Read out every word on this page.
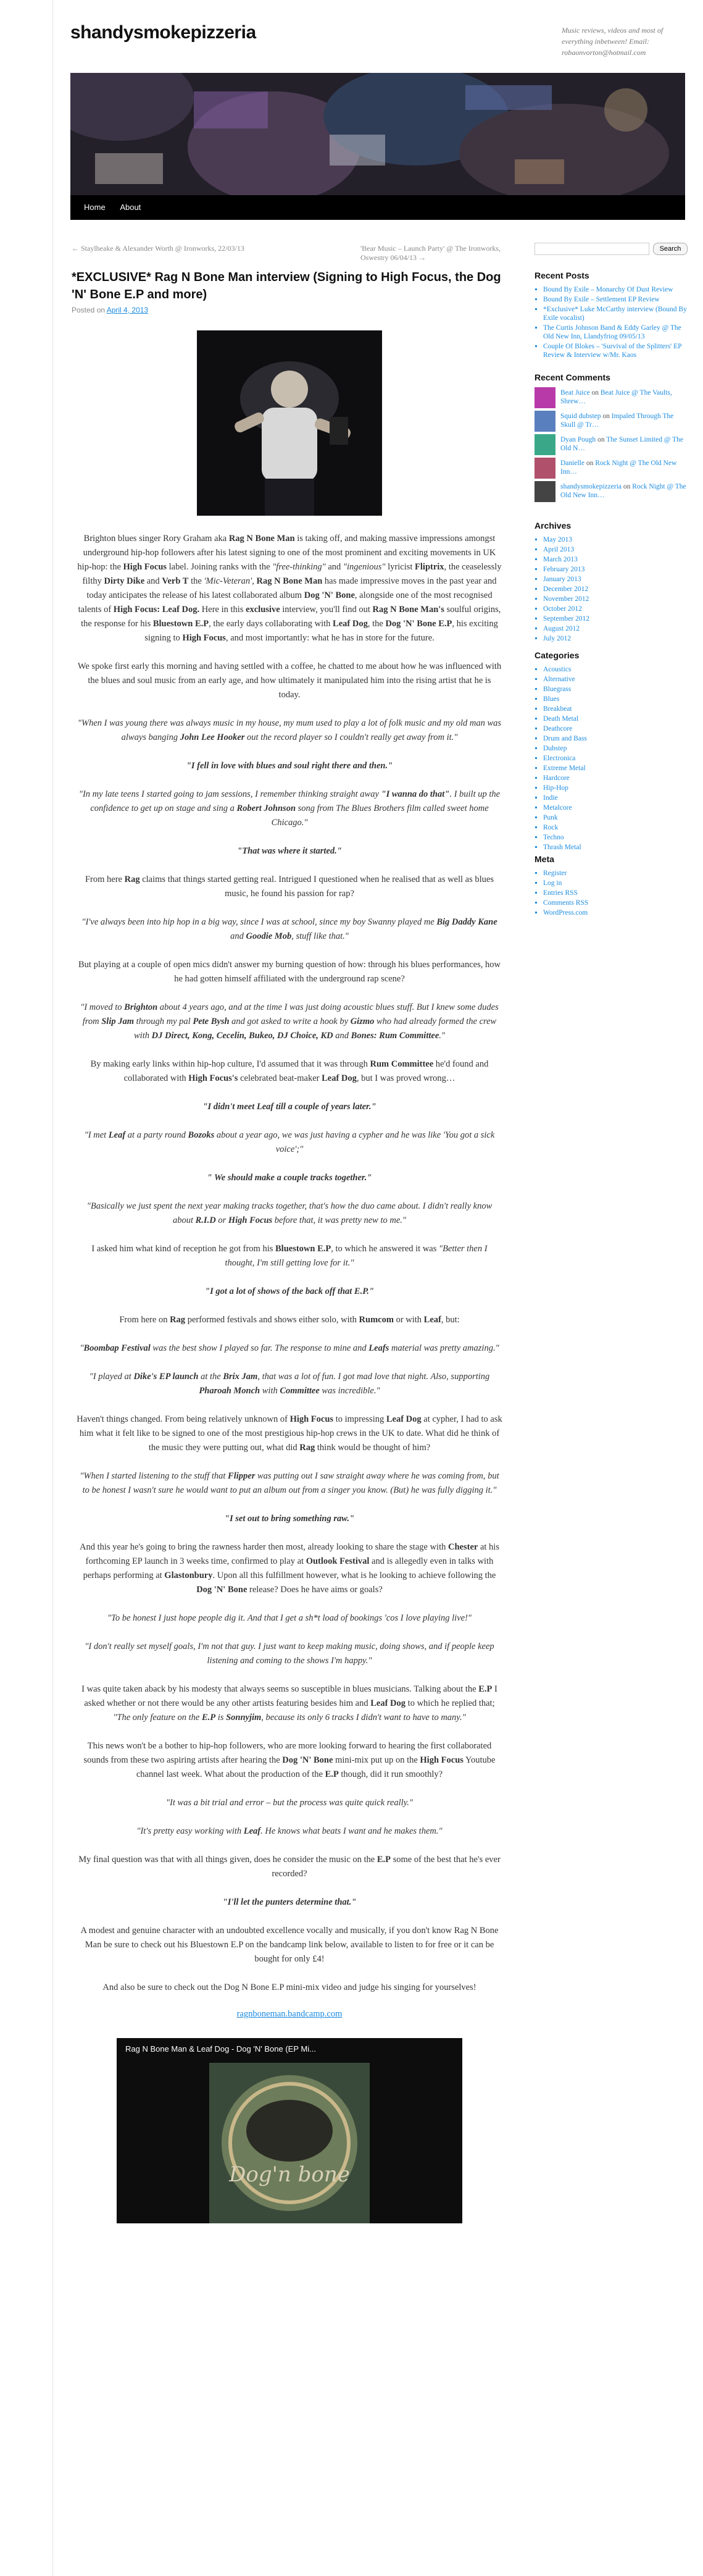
shandysmokepizzeria	Music reviews, videos and most of everything inbetween! Email: robaonvorton@hotmail.com
Home About
← Staylheake & Alexander Worth @ Ironworks, 22/03/13	'Bear Music – Launch Party' @ The Ironworks, Oswestry 06/04/13 →
*EXCLUSIVE* Rag N Bone Man interview (Signing to High Focus, the Dog 'N' Bone E.P and more)
Posted on April 4, 2013

Brighton blues singer Rory Graham aka Rag N Bone Man is taking off, and making massive impressions amongst underground hip-hop followers after his latest signing to one of the most prominent and exciting movements in UK hip-hop: the High Focus label. Joining ranks with the "free-thinking" and "ingenious" lyricist Fliptrix, the ceaselessly filthy Dirty Dike and Verb T the 'Mic-Veteran', Rag N Bone Man has made impressive moves in the past year and today anticipates the release of his latest collaborated album Dog 'N' Bone, alongside one of the most recognised talents of High Focus: Leaf Dog. Here in this exclusive interview, you'll find out Rag N Bone Man's soulful origins, the response for his Bluestown E.P, the early days collaborating with Leaf Dog, the Dog 'N' Bone E.P, his exciting signing to High Focus, and most importantly: what he has in store for the future.

We spoke first early this morning and having settled with a coffee, he chatted to me about how he was influenced with the blues and soul music from an early age, and how ultimately it manipulated him into the rising artist that he is today.

"When I was young there was always music in my house, my mum used to play a lot of folk music and my old man was always banging John Lee Hooker out the record player so I couldn't really get away from it."

"I fell in love with blues and soul right there and then."

"In my late teens I started going to jam sessions, I remember thinking straight away "I wanna do that". I built up the confidence to get up on stage and sing a Robert Johnson song from The Blues Brothers film called sweet home Chicago."

"That was where it started."

From here Rag claims that things started getting real. Intrigued I questioned when he realised that as well as blues music, he found his passion for rap?

"I've always been into hip hop in a big way, since I was at school, since my boy Swanny played me Big Daddy Kane and Goodie Mob, stuff like that."

But playing at a couple of open mics didn't answer my burning question of how: through his blues performances, how he had gotten himself affiliated with the underground rap scene?

"I moved to Brighton about 4 years ago, and at the time I was just doing acoustic blues stuff. But I knew some dudes from Slip Jam through my pal Pete Bysh and got asked to write a hook by Gizmo who had already formed the crew with DJ Direct, Kong, Cecelin, Bukeo, DJ Choice, KD and Bones: Rum Committee."

By making early links within hip-hop culture, I'd assumed that it was through Rum Committee he'd found and collaborated with High Focus's celebrated beat-maker Leaf Dog, but I was proved wrong…

"I didn't meet Leaf till a couple of years later."

"I met Leaf at a party round Bozoks about a year ago, we was just having a cypher and he was like 'You got a sick voice';"

" We should make a couple tracks together."

"Basically we just spent the next year making tracks together, that's how the duo came about. I didn't really know about R.I.D or High Focus before that, it was pretty new to me."

I asked him what kind of reception he got from his Bluestown E.P, to which he answered it was "Better then I thought, I'm still getting love for it."

"I got a lot of shows of the back off that E.P."

From here on Rag performed festivals and shows either solo, with Rumcom or with Leaf, but:

"Boombap Festival was the best show I played so far. The response to mine and Leafs material was pretty amazing."

"I played at Dike's EP launch at the Brix Jam, that was a lot of fun. I got mad love that night. Also, supporting Pharoah Monch with Committee was incredible."

Haven't things changed. From being relatively unknown of High Focus to impressing Leaf Dog at cypher, I had to ask him what it felt like to be signed to one of the most prestigious hip-hop crews in the UK to date. What did he think of the music they were putting out, what did Rag think would be thought of him?

"When I started listening to the stuff that Flipper was putting out I saw straight away where he was coming from, but to be honest I wasn't sure he would want to put an album out from a singer you know. (But) he was fully digging it."

"I set out to bring something raw."

And this year he's going to bring the rawness harder then most, already looking to share the stage with Chester at his forthcoming EP launch in 3 weeks time, confirmed to play at Outlook Festival and is allegedly even in talks with perhaps performing at Glastonbury. Upon all this fulfillment however, what is he looking to achieve following the Dog 'N' Bone release? Does he have aims or goals?

"To be honest I just hope people dig it. And that I get a sh*t load of bookings 'cos I love playing live!"

"I don't really set myself goals, I'm not that guy. I just want to keep making music, doing shows, and if people keep listening and coming to the shows I'm happy."

I was quite taken aback by his modesty that always seems so susceptible in blues musicians. Talking about the E.P I asked whether or not there would be any other artists featuring besides him and Leaf Dog to which he replied that; "The only feature on the E.P is Sonnyjim, because its only 6 tracks I didn't want to have to many."

This news won't be a bother to hip-hop followers, who are more looking forward to hearing the first collaborated sounds from these two aspiring artists after hearing the Dog 'N' Bone mini-mix put up on the High Focus Youtube channel last week. What about the production of the E.P though, did it run smoothly?

"It was a bit trial and error – but the process was quite quick really."

"It's pretty easy working with Leaf. He knows what beats I want and he makes them."

My final question was that with all things given, does he consider the music on the E.P some of the best that he's ever recorded?

"I'll let the punters determine that."

A modest and genuine character with an undoubted excellence vocally and musically, if you don't know Rag N Bone Man be sure to check out his Bluestown E.P on the bandcamp link below, available to listen to for free or it can be bought for only £4!

And also be sure to check out the Dog N Bone E.P mini-mix video and judge his singing for yourselves!

ragnboneman.bandcamp.com

Dog'n bone
Rag N Bone Man & Leaf Dog - Dog 'N' Bone (EP Mi...
Search
Recent Posts
▪ Bound By Exile – Monarchy Of Dust Review
▪ Bound By Exile – Settlement EP Review
▪ *Exclusive* Luke McCarthy interview (Bound By Exile vocalist)
▪ The Curtis Johnson Band & Eddy Garley @ The Old New Inn, Llandyfriog 09/05/13
▪ Couple Of Blokes – 'Survival of the Splitters' EP Review & Interview w/Mr. Kaos
Recent Comments
Beat Juice on Beat Juice @ The Vaults, Shrew…
Squid dubstep on Impaled Through The Skull @ Tr…
Dyan Pough on The Sunset Limited @ The Old N…
Danielle on Rock Night @ The Old New Inn…
shandysmokepizzeria on Rock Night @ The Old New Inn…
Archives
▪ May 2013
▪ April 2013
▪ March 2013
▪ February 2013
▪ January 2013
▪ December 2012
▪ November 2012
▪ October 2012
▪ September 2012
▪ August 2012
▪ July 2012
Categories
▪ Acoustics
▪ Alternative
▪ Bluegrass
▪ Blues
▪ Breakbeat
▪ Death Metal
▪ Deathcore
▪ Drum and Bass
▪ Dubstep
▪ Electronica
▪ Extreme Metal
▪ Hardcore
▪ Hip-Hop
▪ Indie
▪ Metalcore
▪ Punk
▪ Rock
▪ Techno
▪ Thrash Metal
Meta
▪ Register
▪ Log in
▪ Entries RSS
▪ Comments RSS
▪ WordPress.com
